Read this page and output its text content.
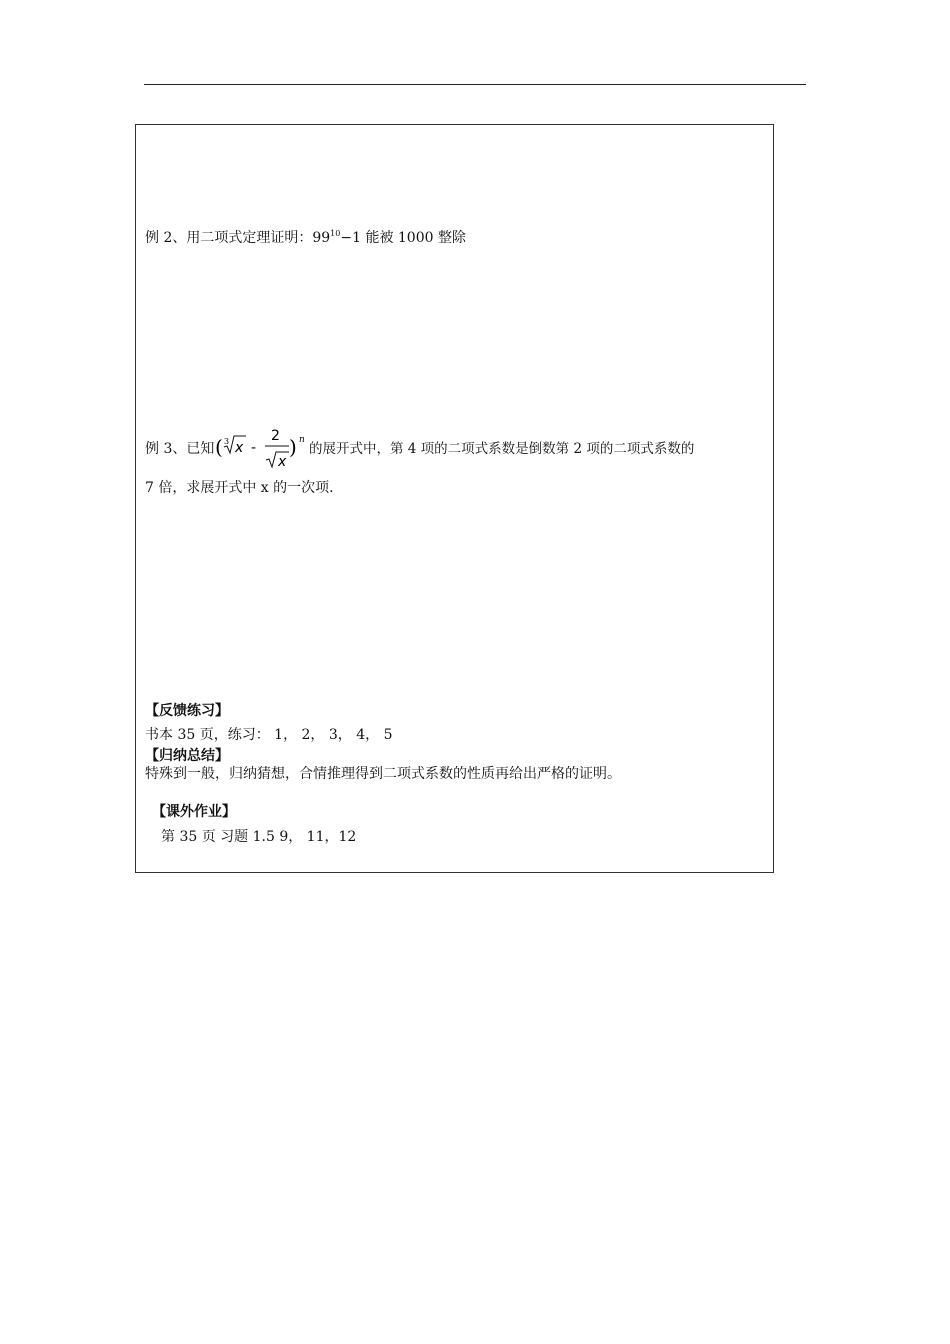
例 2、用二项式定理证明：$99^{10}-1$ 能被 1000 整除
例 3、已知 ( 3 x -
2
x
) n
的展开式中，第 4 项的二项式系数是倒数第 2 项的二项式系数的
7 倍，求展开式中 x 的一次项.
【反馈练习】
书本 35 页，练习： 1， 2， 3， 4， 5
【归纳总结】
特殊到一般，归纳猜想，合情推理得到二项式系数的性质再给出严格的证明。
【课外作业】
第 35 页 习题 1.5 9， 11，12
